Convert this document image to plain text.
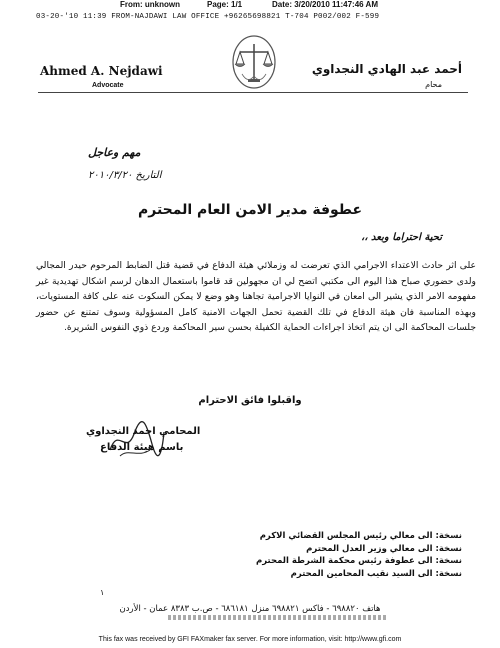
From: unknown	Page: 1/1	Date: 3/20/2010 11:47:46 AM
03-20-'10 11:39 FROM-NAJDAWI LAW OFFICE +96265698821 T-704 P002/002 F-599
Ahmed A. Nejdawi
Advocate
أحمد عبد الهادي النجداوي
محام
مهم وعاجل
التاريخ ٢٠١٠/٣/٢٠
عطوفة مدير الامن العام المحترم
تحية احتراما وبعد ،،
على اثر حادث الاعتداء الاجرامي الذي تعرضت له وزملائي هيئة الدفاع في قضية قتل الضابط المرحوم حيدر المجالي ولدى حضوري صباح هذا اليوم الى مكتبي اتضح لي ان مجهولين قد قاموا باستعمال الدهان لرسم اشكال تهديدية غير مفهومه الامر الذي يشير الى امعان في النوايا الاجرامية تجاهنا وهو وضع لا يمكن السكوت عنه على كافة المستويات، وبهذه المناسبة فان هيئة الدفاع في تلك القضية تحمل الجهات الامنية كامل المسؤولية وسوف تمتنع عن حضور جلسات المحاكمة الى ان يتم اتخاذ اجراءات الحماية الكفيلة بحسن سير المحاكمة وردع ذوي النفوس الشريرة.
واقبلوا فائق الاحترام
المحامي احمد النجداوي
باسم هيئة الدفاع
نسخة: الى معالي رئيس المجلس القضائي الاكرم
نسخة: الى معالي وزير العدل المحترم
نسخة: الى عطوفة رئيس محكمة الشرطة المحترم
نسخة: الى السيد نقيب المحامين المحترم
١
هاتف ٦٩٨٨٢٠ - فاكس ٦٩٨٨٢١ منزل ٦٨٦١٨١ - ص.ب ٨٣٨٣ عمان - الأردن
This fax was received by GFI FAXmaker fax server. For more information, visit: http://www.gfi.com
